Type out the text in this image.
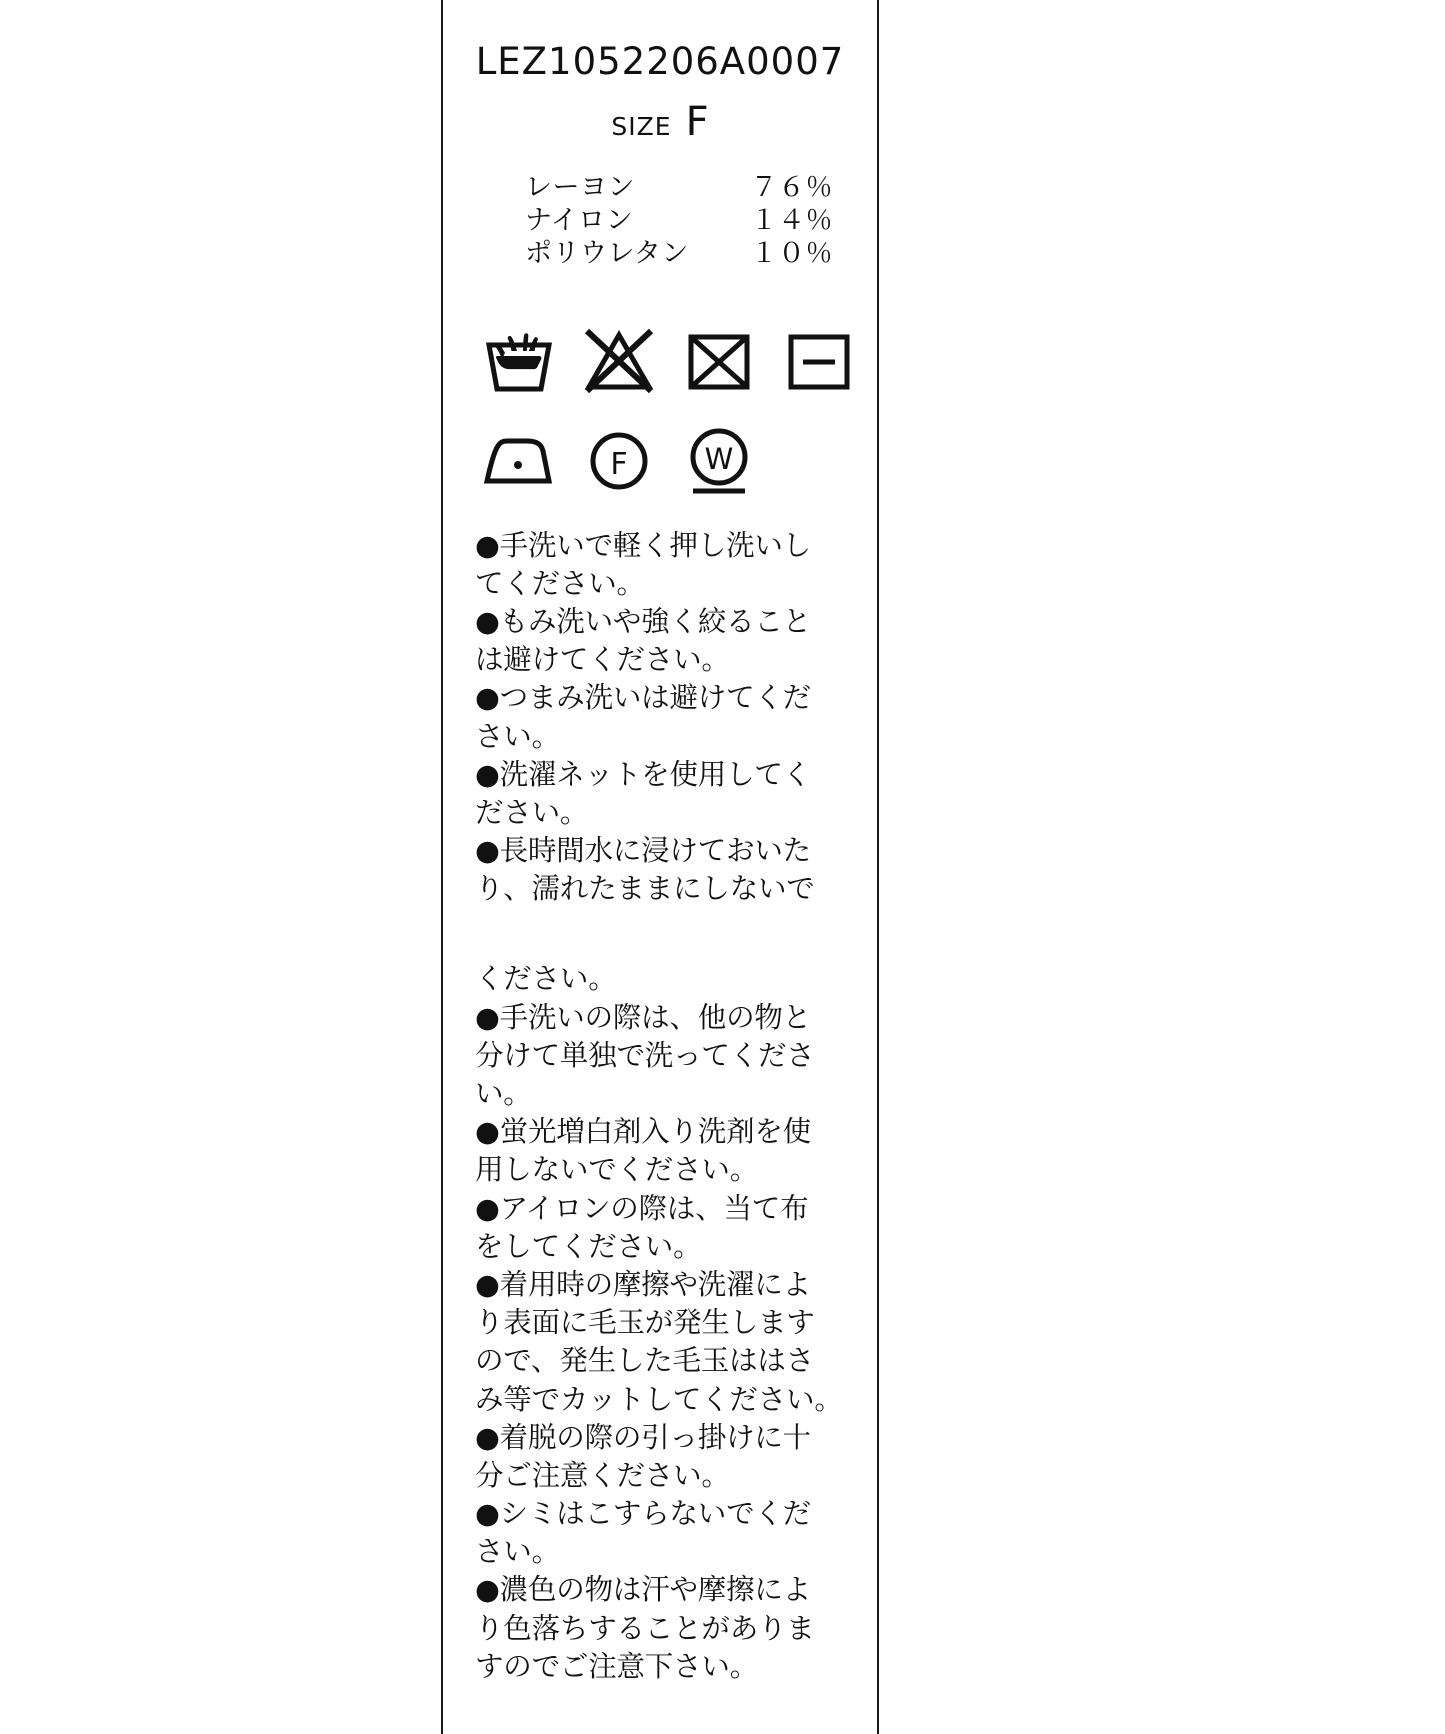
LEZ1052206A0007
SIZE F
レーヨン	７６％
ナイロン	１４％
ポリウレタン １０％
F	W

●手洗いで軽く押し洗いし

てください。

●もみ洗いや強く絞ること

は避けてください。

●つまみ洗いは避けてくだ

さい。

●洗濯ネットを使用してく

ださい。

●長時間水に浸けておいた

り、濡れたままにしないで

ください。

●手洗いの際は、他の物と

分けて単独で洗ってくださ

い。

●蛍光増白剤入り洗剤を使

用しないでください。

●アイロンの際は、当て布

をしてください。

●着用時の摩擦や洗濯によ

り表面に毛玉が発生します

ので、発生した毛玉ははさ

み等でカットしてください。

●着脱の際の引っ掛けに十

分ご注意ください。

●シミはこすらないでくだ

さい。

●濃色の物は汗や摩擦によ

り色落ちすることがありま

すのでご注意下さい。
